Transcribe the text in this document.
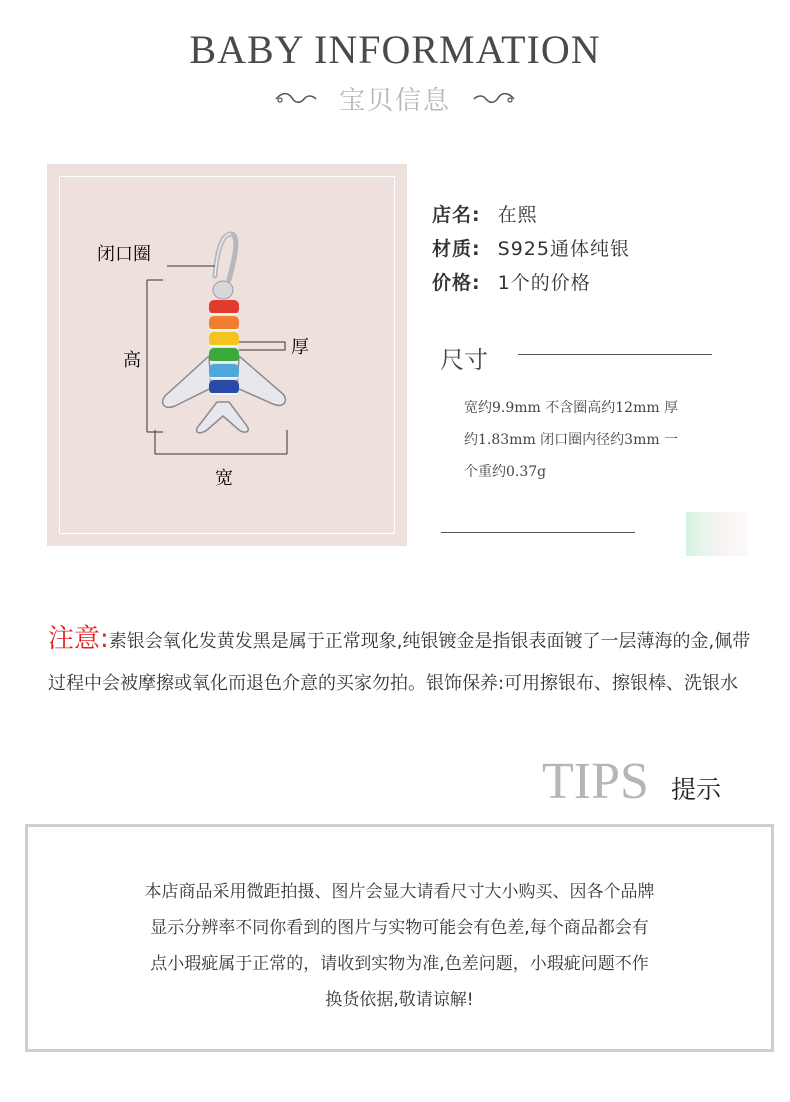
BABY INFORMATION
宝贝信息
闭口圈
高
厚
宽
店名: 在熙
材质: S925通体纯银
价格: 1个的价格
尺寸
宽约9.9mm 不含圈高约12mm 厚
约1.83mm 闭口圈内径约3mm 一
个重约0.37g
注意:素银会氧化发黄发黑是属于正常现象,纯银镀金是指银表面镀了一层薄海的金,佩带过程中会被摩擦或氧化而退色介意的买家勿拍。银饰保养:可用擦银布、擦银棒、洗银水
TIPS 提示
本店商品采用微距拍摄、图片会显大请看尺寸大小购买、因各个品牌
显示分辨率不同你看到的图片与实物可能会有色差,每个商品都会有
点小瑕疵属于正常的，请收到实物为准,色差问题，小瑕疵问题不作
换货依据,敬请谅解!
